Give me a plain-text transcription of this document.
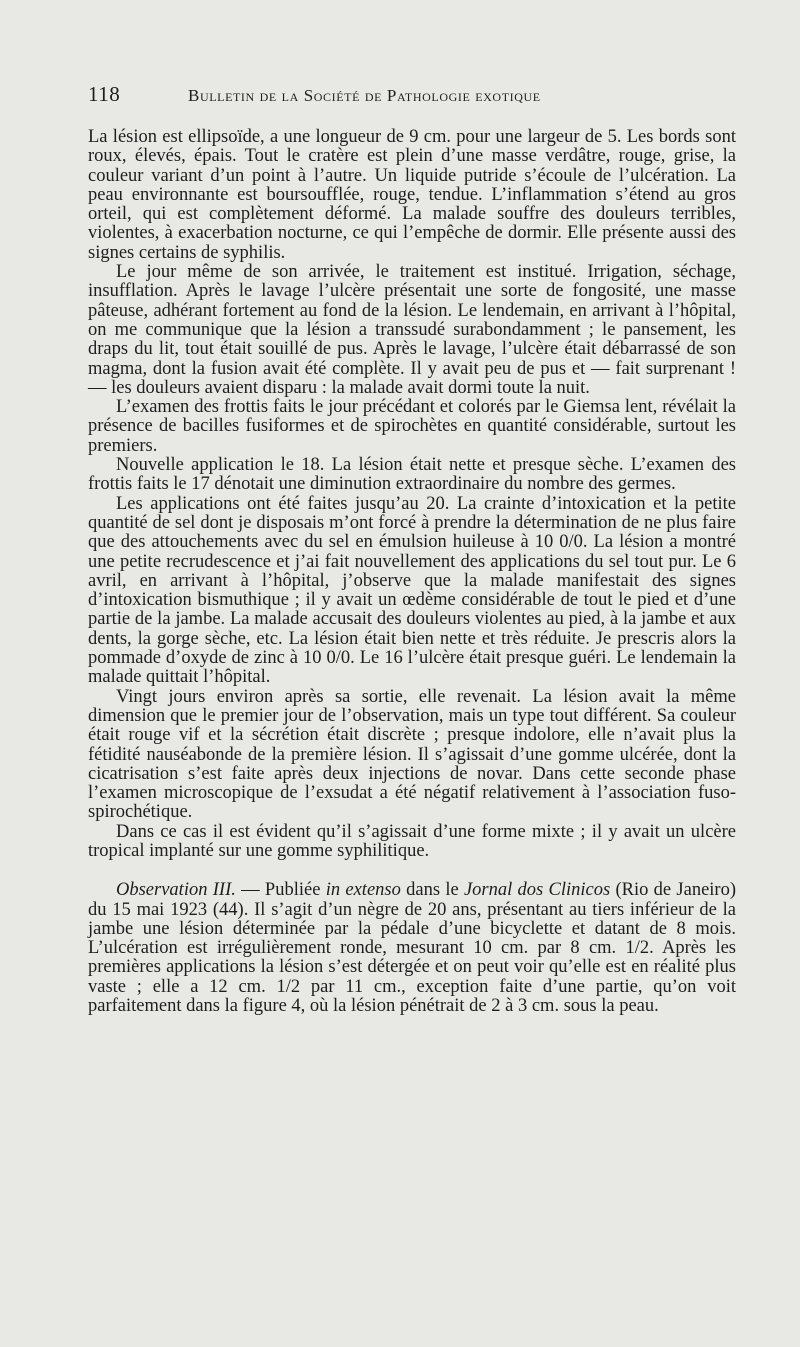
118	Bulletin de la Société de Pathologie exotique

La lésion est ellipsoïde, a une longueur de 9 cm. pour une largeur de 5. Les bords sont roux, élevés, épais. Tout le cratère est plein d’une masse verdâtre, rouge, grise, la couleur variant d’un point à l’autre. Un liquide putride s’écoule de l’ulcération. La peau environnante est boursoufflée, rouge, tendue. L’inflammation s’étend au gros orteil, qui est complètement déformé. La malade souffre des douleurs terribles, violentes, à exacerbation nocturne, ce qui l’empêche de dormir. Elle présente aussi des signes certains de syphilis.

Le jour même de son arrivée, le traitement est institué. Irrigation, séchage, insufflation. Après le lavage l’ulcère présentait une sorte de fongosité, une masse pâteuse, adhérant fortement au fond de la lésion. Le lendemain, en arrivant à l’hôpital, on me communique que la lésion a transsudé surabondamment ; le pansement, les draps du lit, tout était souillé de pus. Après le lavage, l’ulcère était débarrassé de son magma, dont la fusion avait été complète. Il y avait peu de pus et — fait surprenant ! — les douleurs avaient disparu : la malade avait dormi toute la nuit.

L’examen des frottis faits le jour précédant et colorés par le Giemsa lent, révélait la présence de bacilles fusiformes et de spirochètes en quantité considérable, surtout les premiers.

Nouvelle application le 18. La lésion était nette et presque sèche. L’examen des frottis faits le 17 dénotait une diminution extraordinaire du nombre des germes.

Les applications ont été faites jusqu’au 20. La crainte d’intoxication et la petite quantité de sel dont je disposais m’ont forcé à prendre la détermination de ne plus faire que des attouchements avec du sel en émulsion huileuse à 10 0/0. La lésion a montré une petite recrudescence et j’ai fait nouvellement des applications du sel tout pur. Le 6 avril, en arrivant à l’hôpital, j’observe que la malade manifestait des signes d’intoxication bismuthique ; il y avait un œdème considérable de tout le pied et d’une partie de la jambe. La malade accusait des douleurs violentes au pied, à la jambe et aux dents, la gorge sèche, etc. La lésion était bien nette et très réduite. Je prescris alors la pommade d’oxyde de zinc à 10 0/0. Le 16 l’ulcère était presque guéri. Le lendemain la malade quittait l’hôpital.

Vingt jours environ après sa sortie, elle revenait. La lésion avait la même dimension que le premier jour de l’observation, mais un type tout différent. Sa couleur était rouge vif et la sécrétion était discrète ; presque indolore, elle n’avait plus la fétidité nauséabonde de la première lésion. Il s’agissait d’une gomme ulcérée, dont la cicatrisation s’est faite après deux injections de novar. Dans cette seconde phase l’examen microscopique de l’exsudat a été négatif relativement à l’association fuso-spirochétique.

Dans ce cas il est évident qu’il s’agissait d’une forme mixte ; il y avait un ulcère tropical implanté sur une gomme syphilitique.

Observation III. — Publiée in extenso dans le Jornal dos Clinicos (Rio de Janeiro) du 15 mai 1923 (44). Il s’agit d’un nègre de 20 ans, présentant au tiers inférieur de la jambe une lésion déterminée par la pédale d’une bicyclette et datant de 8 mois. L’ulcération est irrégulièrement ronde, mesurant 10 cm. par 8 cm. 1/2. Après les premières applications la lésion s’est détergée et on peut voir qu’elle est en réalité plus vaste ; elle a 12 cm. 1/2 par 11 cm., exception faite d’une partie, qu’on voit parfaitement dans la figure 4, où la lésion pénétrait de 2 à 3 cm. sous la peau.
